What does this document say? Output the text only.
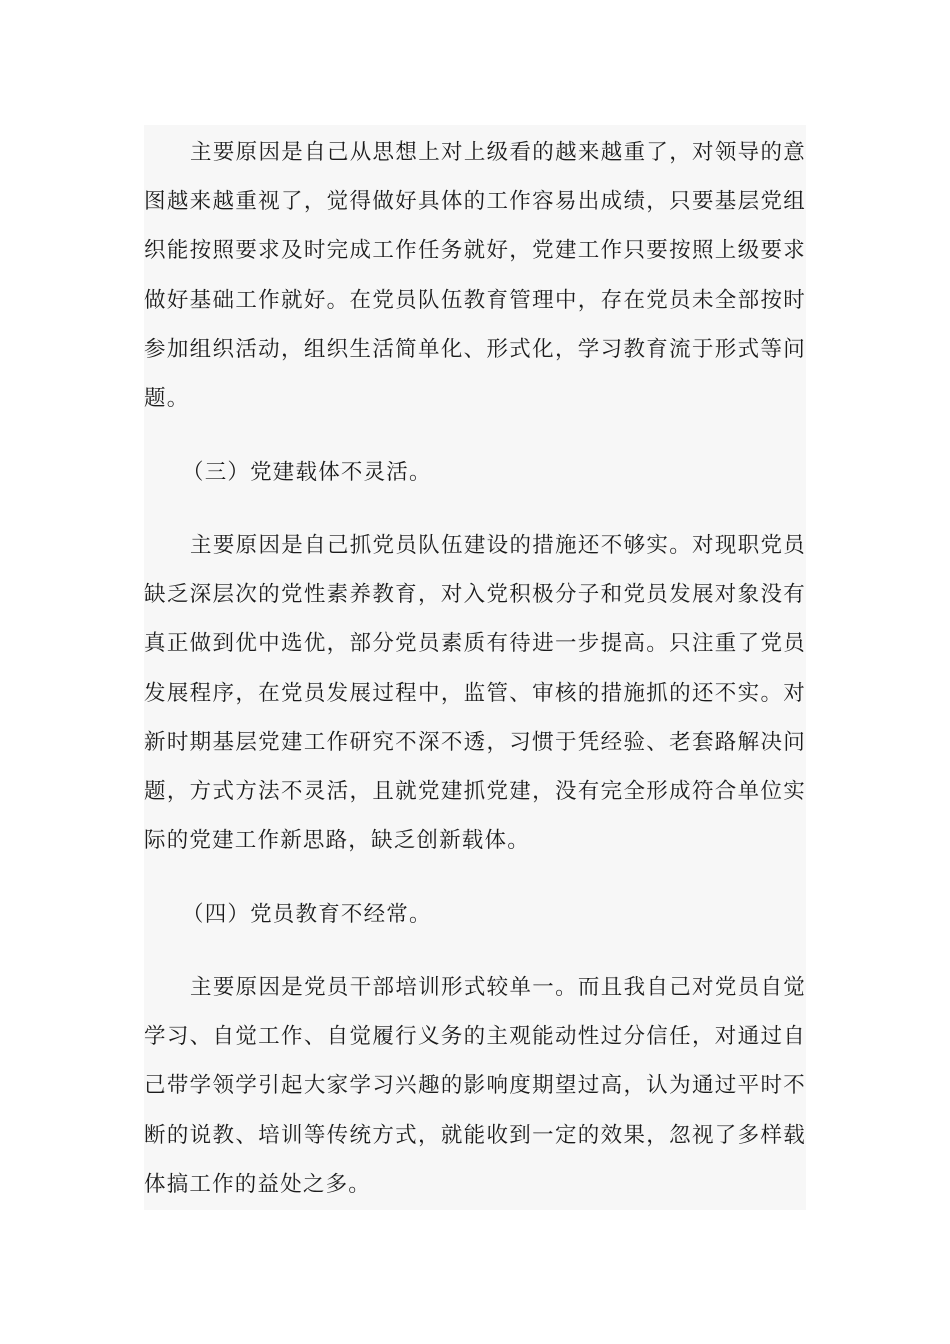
主要原因是自己从思想上对上级看的越来越重了，对领导的意图越来越重视了，觉得做好具体的工作容易出成绩，只要基层党组织能按照要求及时完成工作任务就好，党建工作只要按照上级要求做好基础工作就好。在党员队伍教育管理中，存在党员未全部按时参加组织活动，组织生活简单化、形式化，学习教育流于形式等问题。

（三）党建载体不灵活。

主要原因是自己抓党员队伍建设的措施还不够实。对现职党员缺乏深层次的党性素养教育，对入党积极分子和党员发展对象没有真正做到优中选优，部分党员素质有待进一步提高。只注重了党员发展程序，在党员发展过程中，监管、审核的措施抓的还不实。对新时期基层党建工作研究不深不透，习惯于凭经验、老套路解决问题，方式方法不灵活，且就党建抓党建，没有完全形成符合单位实际的党建工作新思路，缺乏创新载体。

（四）党员教育不经常。

主要原因是党员干部培训形式较单一。而且我自己对党员自觉学习、自觉工作、自觉履行义务的主观能动性过分信任，对通过自己带学领学引起大家学习兴趣的影响度期望过高，认为通过平时不断的说教、培训等传统方式，就能收到一定的效果，忽视了多样载体搞工作的益处之多。
